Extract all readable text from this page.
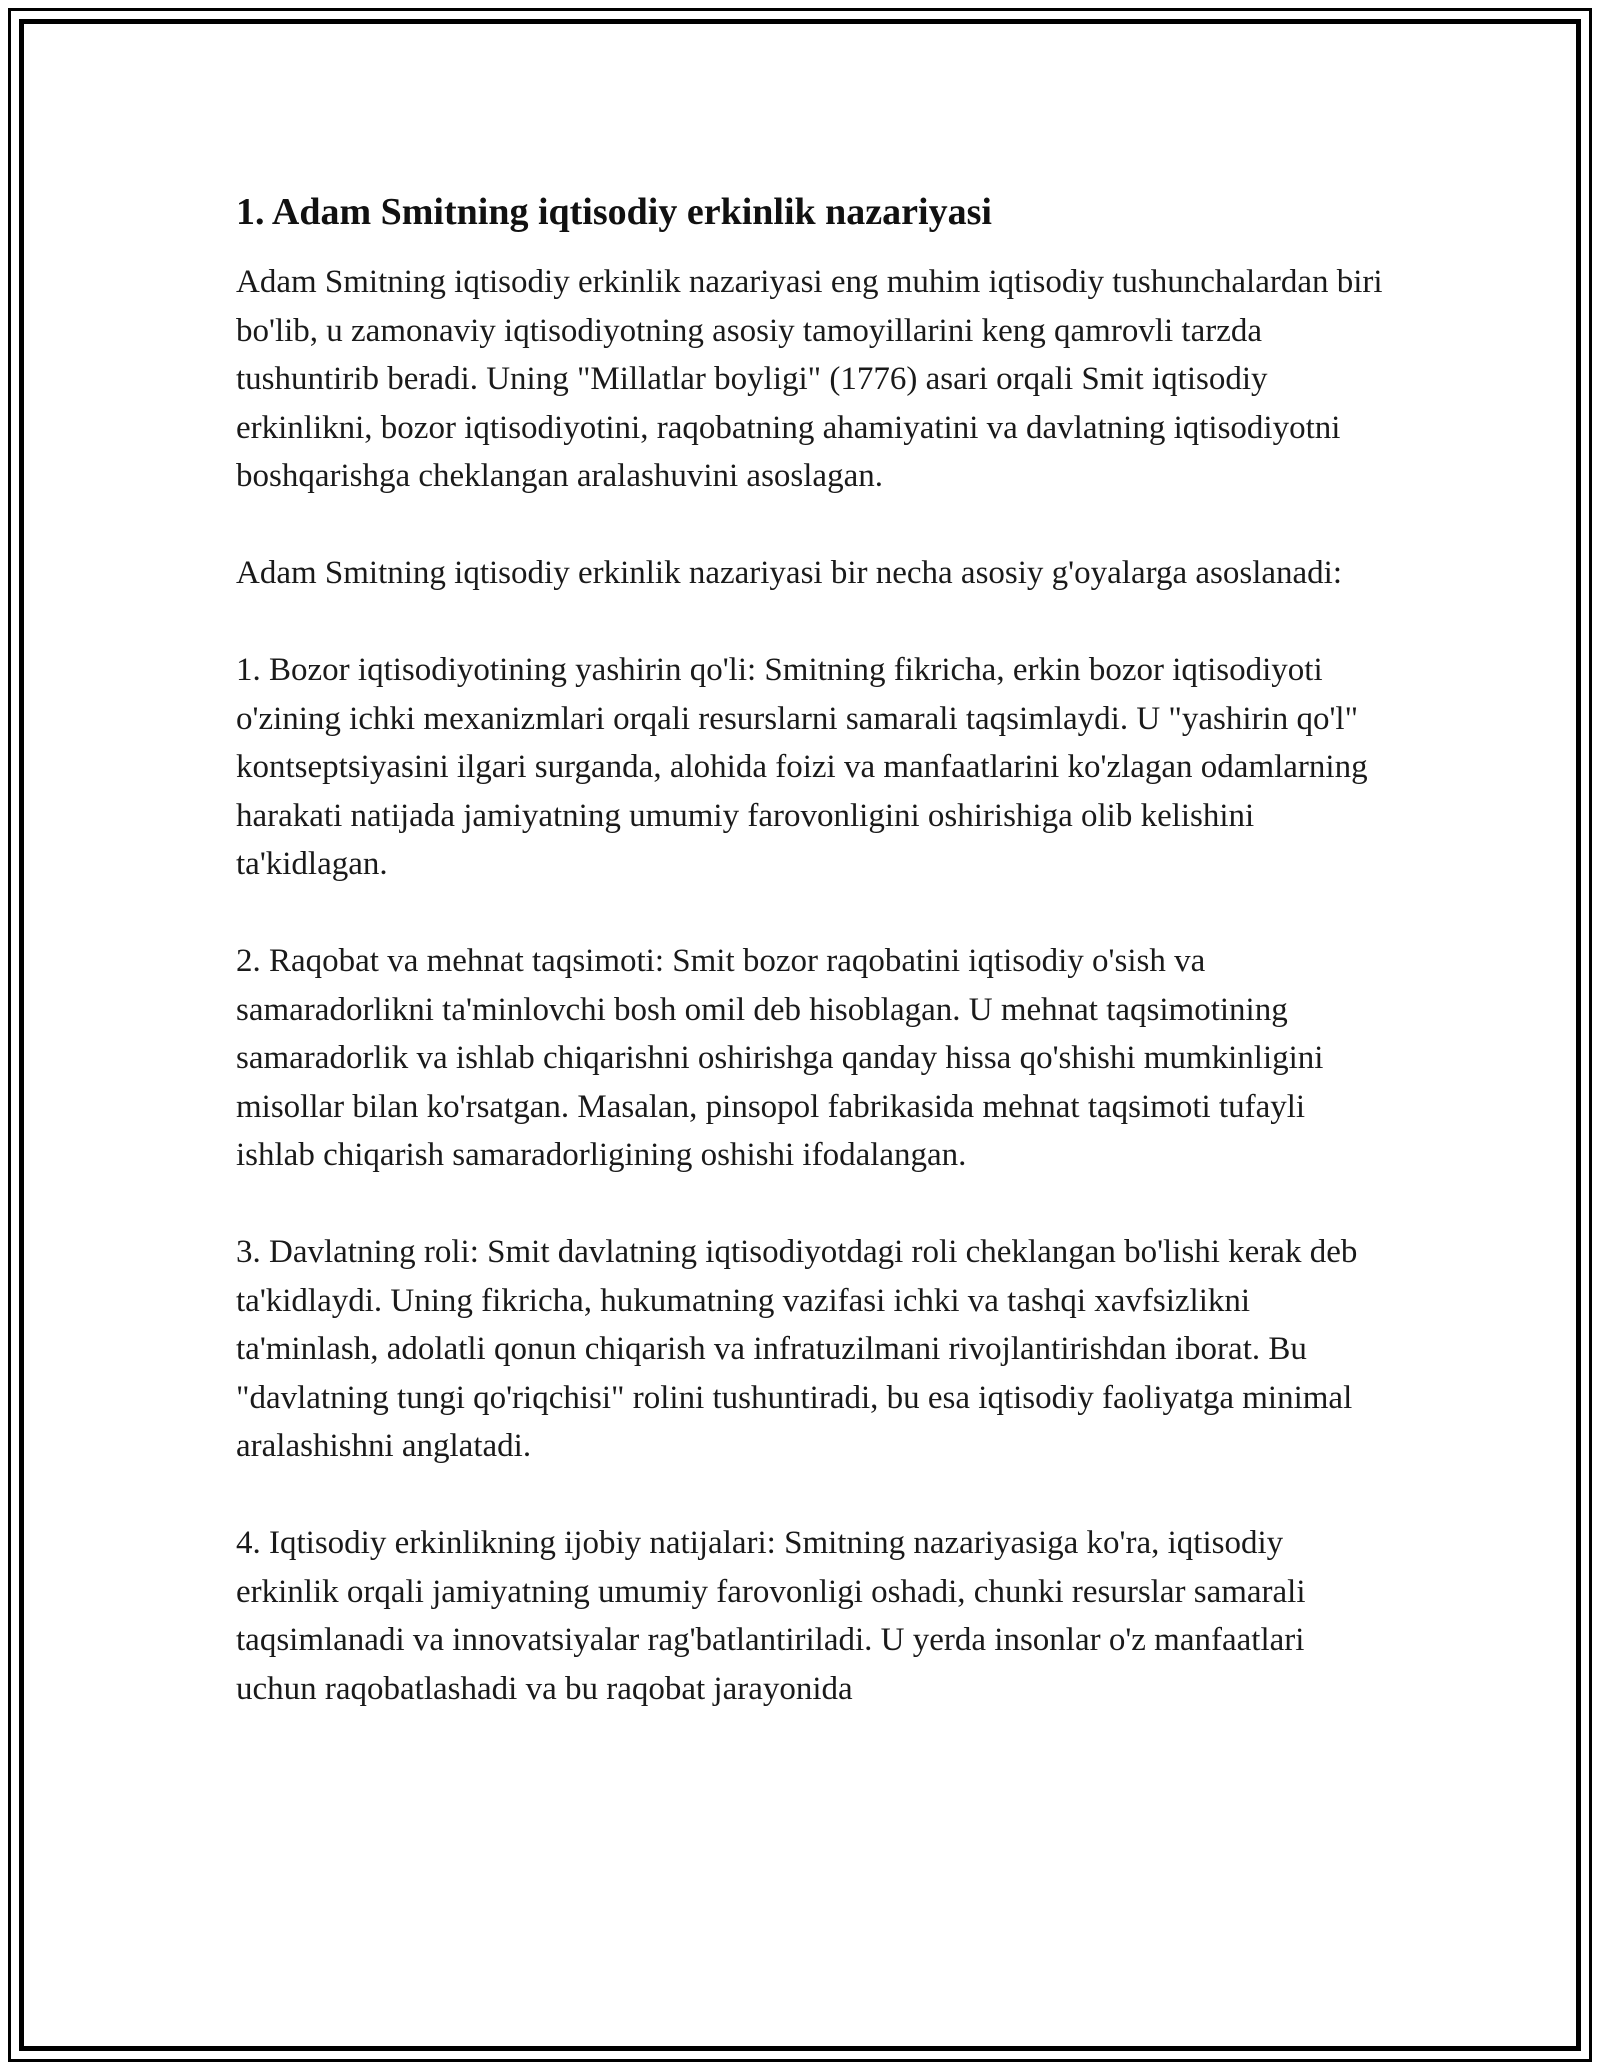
1. Adam Smitning iqtisodiy erkinlik nazariyasi

Adam Smitning iqtisodiy erkinlik nazariyasi eng muhim iqtisodiy tushunchalardan biri bo'lib, u zamonaviy iqtisodiyotning asosiy tamoyillarini keng qamrovli tarzda tushuntirib beradi. Uning "Millatlar boyligi" (1776) asari orqali Smit iqtisodiy erkinlikni, bozor iqtisodiyotini, raqobatning ahamiyatini va davlatning iqtisodiyotni boshqarishga cheklangan aralashuvini asoslagan.

Adam Smitning iqtisodiy erkinlik nazariyasi bir necha asosiy g'oyalarga asoslanadi:

1. Bozor iqtisodiyotining yashirin qo'li: Smitning fikricha, erkin bozor iqtisodiyoti o'zining ichki mexanizmlari orqali resurslarni samarali taqsimlaydi. U "yashirin qo'l" kontseptsiyasini ilgari surganda, alohida foizi va manfaatlarini ko'zlagan odamlarning harakati natijada jamiyatning umumiy farovonligini oshirishiga olib kelishini ta'kidlagan.

2. Raqobat va mehnat taqsimoti: Smit bozor raqobatini iqtisodiy o'sish va samaradorlikni ta'minlovchi bosh omil deb hisoblagan. U mehnat taqsimotining samaradorlik va ishlab chiqarishni oshirishga qanday hissa qo'shishi mumkinligini misollar bilan ko'rsatgan. Masalan, pinsopol fabrikasida mehnat taqsimoti tufayli ishlab chiqarish samaradorligining oshishi ifodalangan.

3. Davlatning roli: Smit davlatning iqtisodiyotdagi roli cheklangan bo'lishi kerak deb ta'kidlaydi. Uning fikricha, hukumatning vazifasi ichki va tashqi xavfsizlikni ta'minlash, adolatli qonun chiqarish va infratuzilmani rivojlantirishdan iborat. Bu "davlatning tungi qo'riqchisi" rolini tushuntiradi, bu esa iqtisodiy faoliyatga minimal aralashishni anglatadi.

4. Iqtisodiy erkinlikning ijobiy natijalari: Smitning nazariyasiga ko'ra, iqtisodiy erkinlik orqali jamiyatning umumiy farovonligi oshadi, chunki resurslar samarali taqsimlanadi va innovatsiyalar rag'batlantiriladi. U yerda insonlar o'z manfaatlari uchun raqobatlashadi va bu raqobat jarayonida
